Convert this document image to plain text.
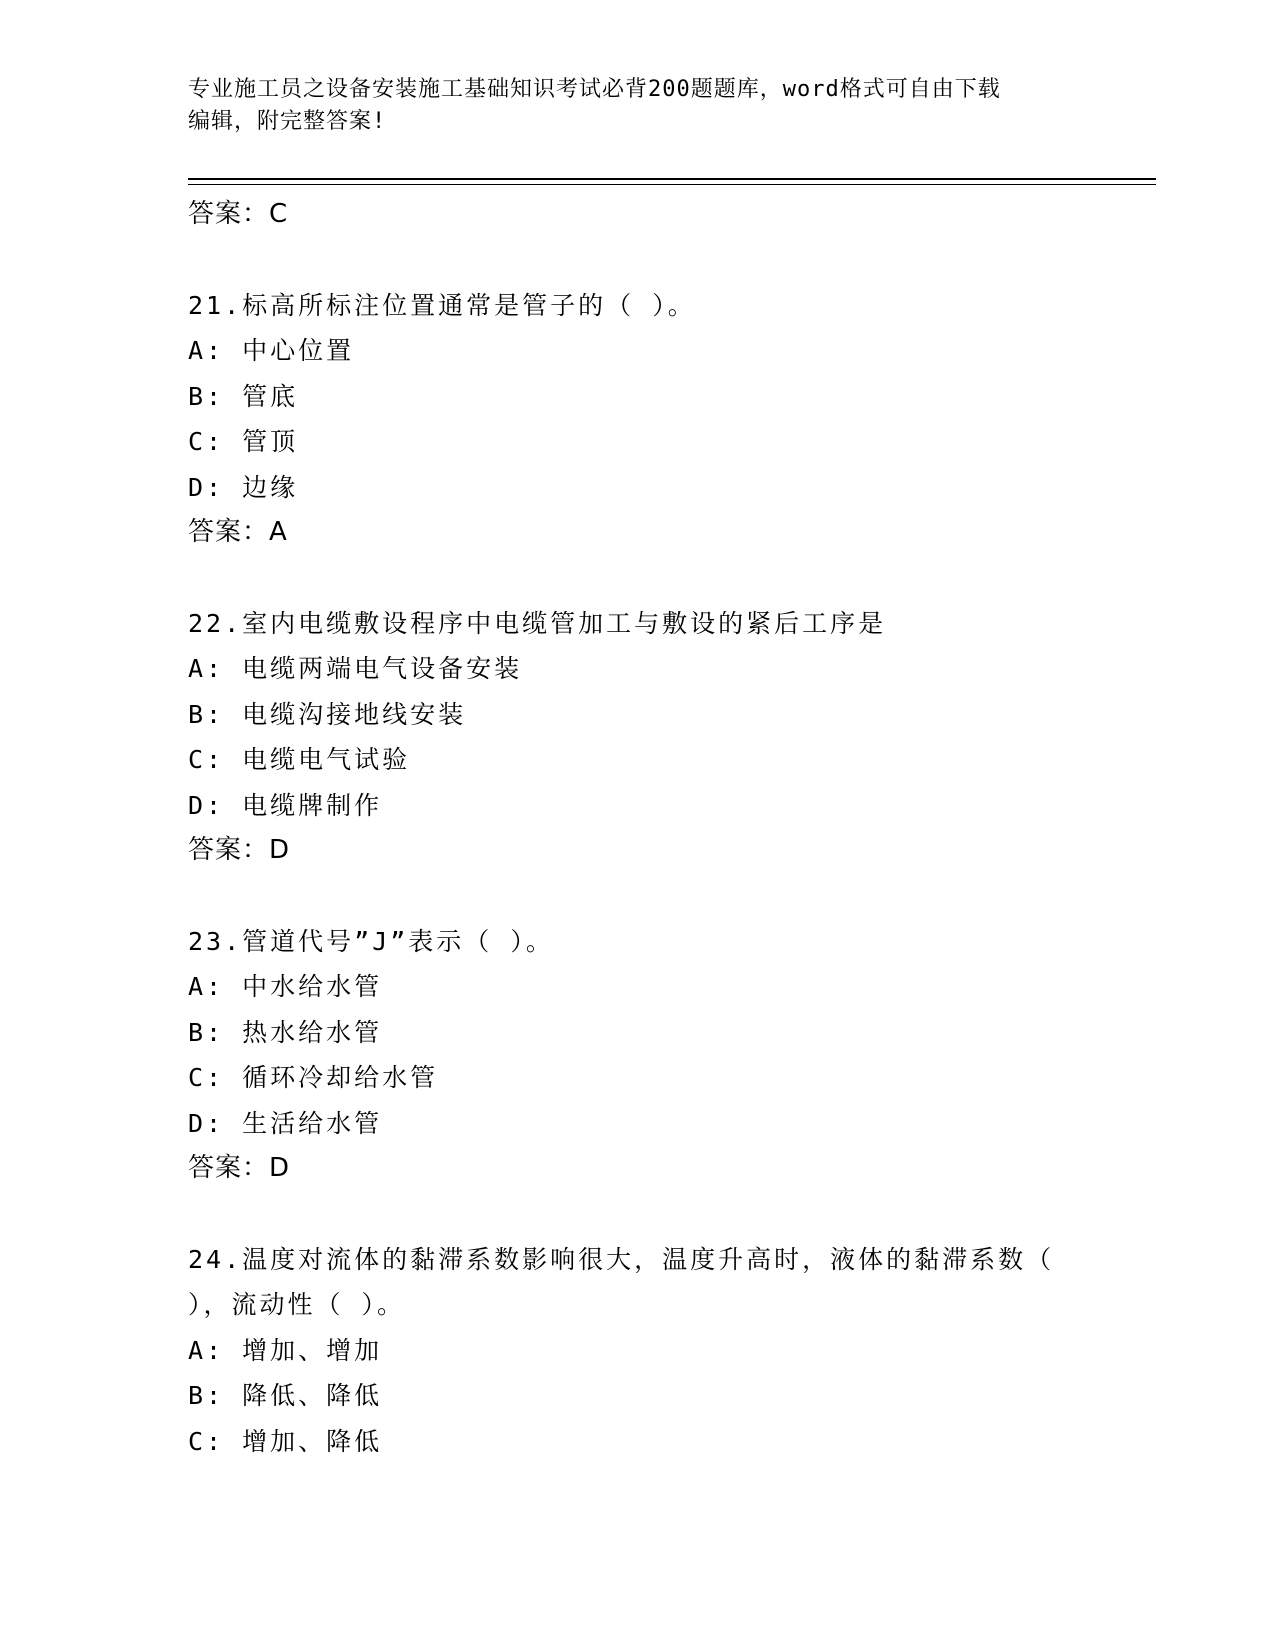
专业施工员之设备安装施工基础知识考试必背200题题库，word格式可自由下载
编辑，附完整答案!
答案：C
21.标高所标注位置通常是管子的（ ）。
A: 中心位置
B: 管底
C: 管顶
D: 边缘
答案：A
22.室内电缆敷设程序中电缆管加工与敷设的紧后工序是
A: 电缆两端电气设备安装
B: 电缆沟接地线安装
C: 电缆电气试验
D: 电缆牌制作
答案：D
23.管道代号”J”表示（ ）。
A: 中水给水管
B: 热水给水管
C: 循环冷却给水管
D: 生活给水管
答案：D
24.温度对流体的黏滞系数影响很大，温度升高时，液体的黏滞系数（
），流动性（ ）。
A: 增加、增加
B: 降低、降低
C: 增加、降低
